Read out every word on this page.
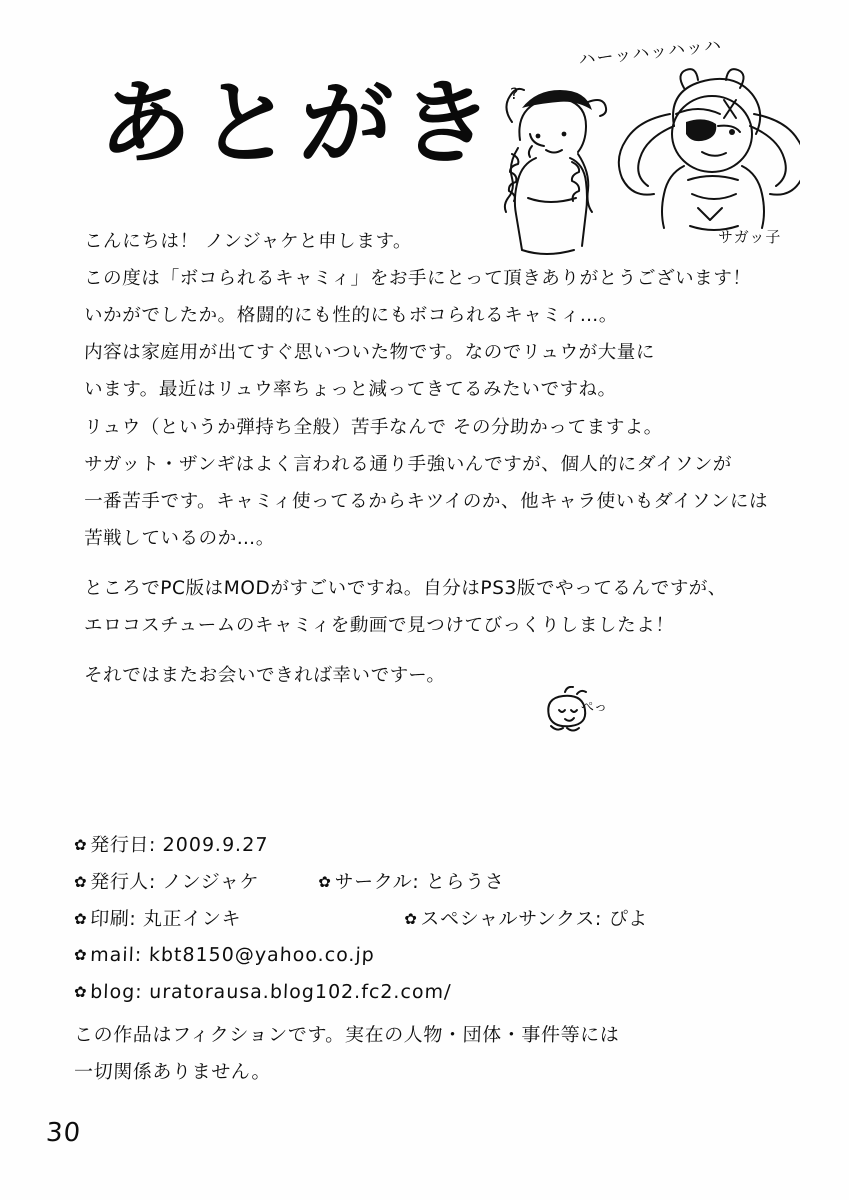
あとがき
ハーッハッハッハ
サガッ子
?

こんにちは！ ノンジャケと申します。

この度は「ボコられるキャミィ」をお手にとって頂きありがとうございます！

いかがでしたか。格闘的にも性的にもボコられるキャミィ…。

内容は家庭用が出てすぐ思いついた物です。なのでリュウが大量に

います。最近はリュウ率ちょっと減ってきてるみたいですね。

リュウ（というか弾持ち全般）苦手なんで その分助かってますよ。

サガット・ザンギはよく言われる通り手強いんですが、個人的にダイソンが

一番苦手です。キャミィ使ってるからキツイのか、他キャラ使いもダイソンには

苦戦しているのか…。

ところでPC版はMODがすごいですね。自分はPS3版でやってるんですが、

エロコスチュームのキャミィを動画で見つけてびっくりしましたよ！

それではまたお会いできれば幸いですー。

ぺっ
✿ 発行日: 2009.9.27
✿ 発行人: ノンジャケ	✿ サークル: とらうさ
✿ 印刷: 丸正インキ	✿ スペシャルサンクス: ぴよ
✿ mail: kbt8150@yahoo.co.jp
✿ blog: uratorausa.blog102.fc2.com/
この作品はフィクションです。実在の人物・団体・事件等には
一切関係ありません。
30
